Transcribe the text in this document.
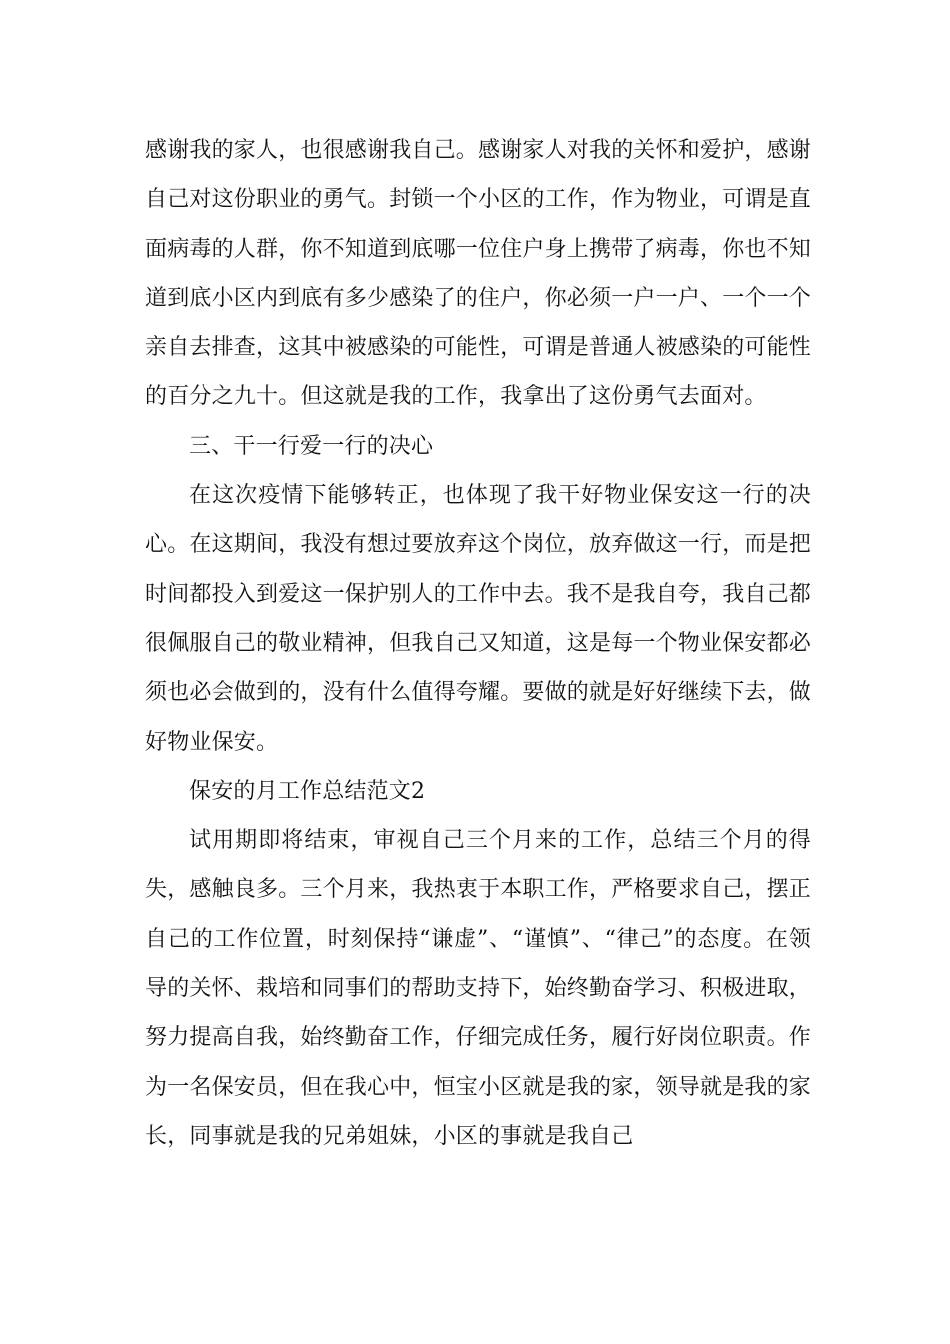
感谢我的家人，也很感谢我自己。感谢家人对我的关怀和爱护，感谢自己对这份职业的勇气。封锁一个小区的工作，作为物业，可谓是直面病毒的人群，你不知道到底哪一位住户身上携带了病毒，你也不知道到底小区内到底有多少感染了的住户，你必须一户一户、一个一个亲自去排查，这其中被感染的可能性，可谓是普通人被感染的可能性的百分之九十。但这就是我的工作，我拿出了这份勇气去面对。

三、干一行爱一行的决心

在这次疫情下能够转正，也体现了我干好物业保安这一行的决心。在这期间，我没有想过要放弃这个岗位，放弃做这一行，而是把时间都投入到爱这一保护别人的工作中去。我不是我自夸，我自己都很佩服自己的敬业精神，但我自己又知道，这是每一个物业保安都必须也必会做到的，没有什么值得夸耀。要做的就是好好继续下去，做好物业保安。

保安的月工作总结范文2

试用期即将结束，审视自己三个月来的工作，总结三个月的得失，感触良多。三个月来，我热衷于本职工作，严格要求自己，摆正自己的工作位置，时刻保持“谦虚”、“谨慎”、“律己”的态度。在领导的关怀、栽培和同事们的帮助支持下，始终勤奋学习、积极进取，努力提高自我，始终勤奋工作，仔细完成任务，履行好岗位职责。作为一名保安员，但在我心中，恒宝小区就是我的家，领导就是我的家长，同事就是我的兄弟姐妹，小区的事就是我自己
